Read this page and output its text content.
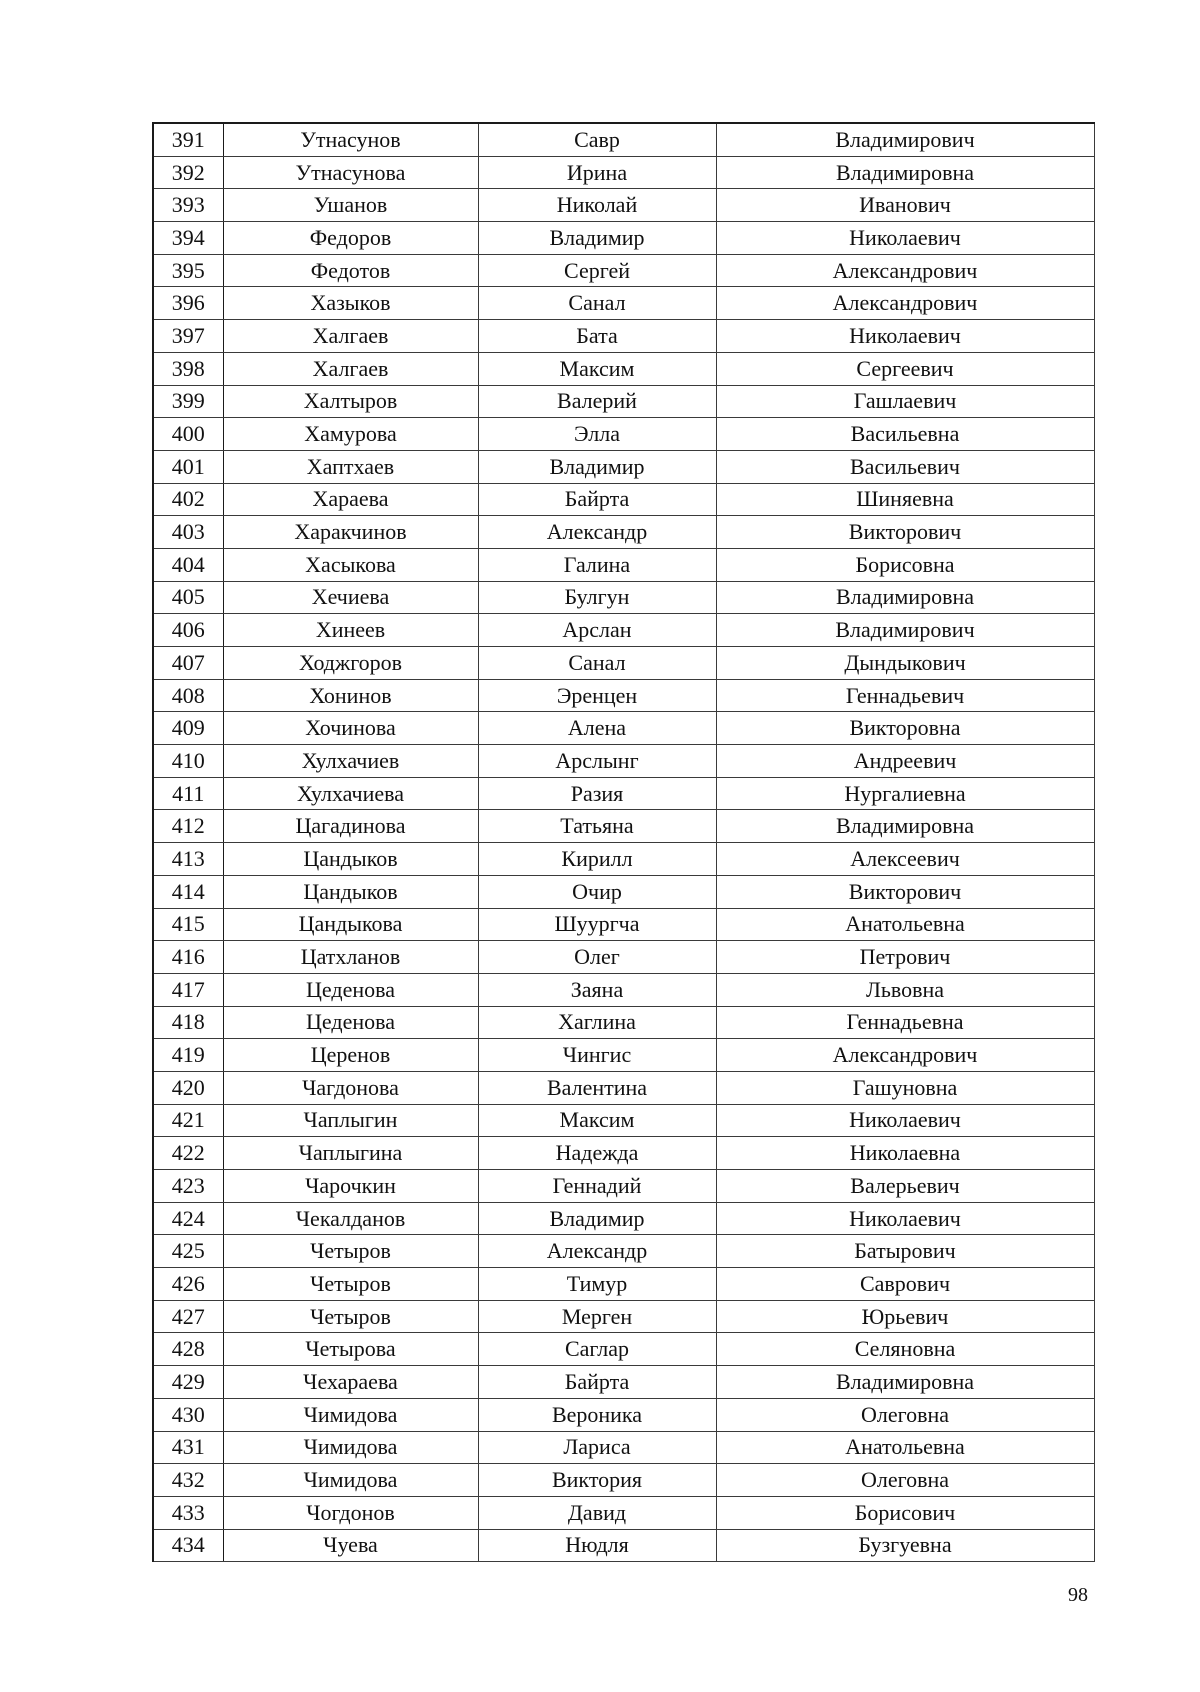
391	Утнасунов	Савр	Владимирович
392	Утнасунова	Ирина	Владимировна
393	Ушанов	Николай	Иванович
394	Федоров	Владимир	Николаевич
395	Федотов	Сергей	Александрович
396	Хазыков	Санал	Александрович
397	Халгаев	Бата	Николаевич
398	Халгаев	Максим	Сергеевич
399	Халтыров	Валерий	Гашлаевич
400	Хамурова	Элла	Васильевна
401	Хаптхаев	Владимир	Васильевич
402	Хараева	Байрта	Шиняевна
403	Харакчинов	Александр	Викторович
404	Хасыкова	Галина	Борисовна
405	Хечиева	Булгун	Владимировна
406	Хинеев	Арслан	Владимирович
407	Ходжгоров	Санал	Дындыкович
408	Хонинов	Эренцен	Геннадьевич
409	Хочинова	Алена	Викторовна
410	Хулхачиев	Арслынг	Андреевич
411	Хулхачиева	Разия	Нургалиевна
412	Цагадинова	Татьяна	Владимировна
413	Цандыков	Кирилл	Алексеевич
414	Цандыков	Очир	Викторович
415	Цандыкова	Шуургча	Анатольевна
416	Цатхланов	Олег	Петрович
417	Цеденова	Заяна	Львовна
418	Цеденова	Хаглина	Геннадьевна
419	Церенов	Чингис	Александрович
420	Чагдонова	Валентина	Гашуновна
421	Чаплыгин	Максим	Николаевич
422	Чаплыгина	Надежда	Николаевна
423	Чарочкин	Геннадий	Валерьевич
424	Чекалданов	Владимир	Николаевич
425	Четыров	Александр	Батырович
426	Четыров	Тимур	Саврович
427	Четыров	Мерген	Юрьевич
428	Четырова	Саглар	Селяновна
429	Чехараева	Байрта	Владимировна
430	Чимидова	Вероника	Олеговна
431	Чимидова	Лариса	Анатольевна
432	Чимидова	Виктория	Олеговна
433	Чогдонов	Давид	Борисович
434	Чуева	Нюдля	Бузгуевна
98
